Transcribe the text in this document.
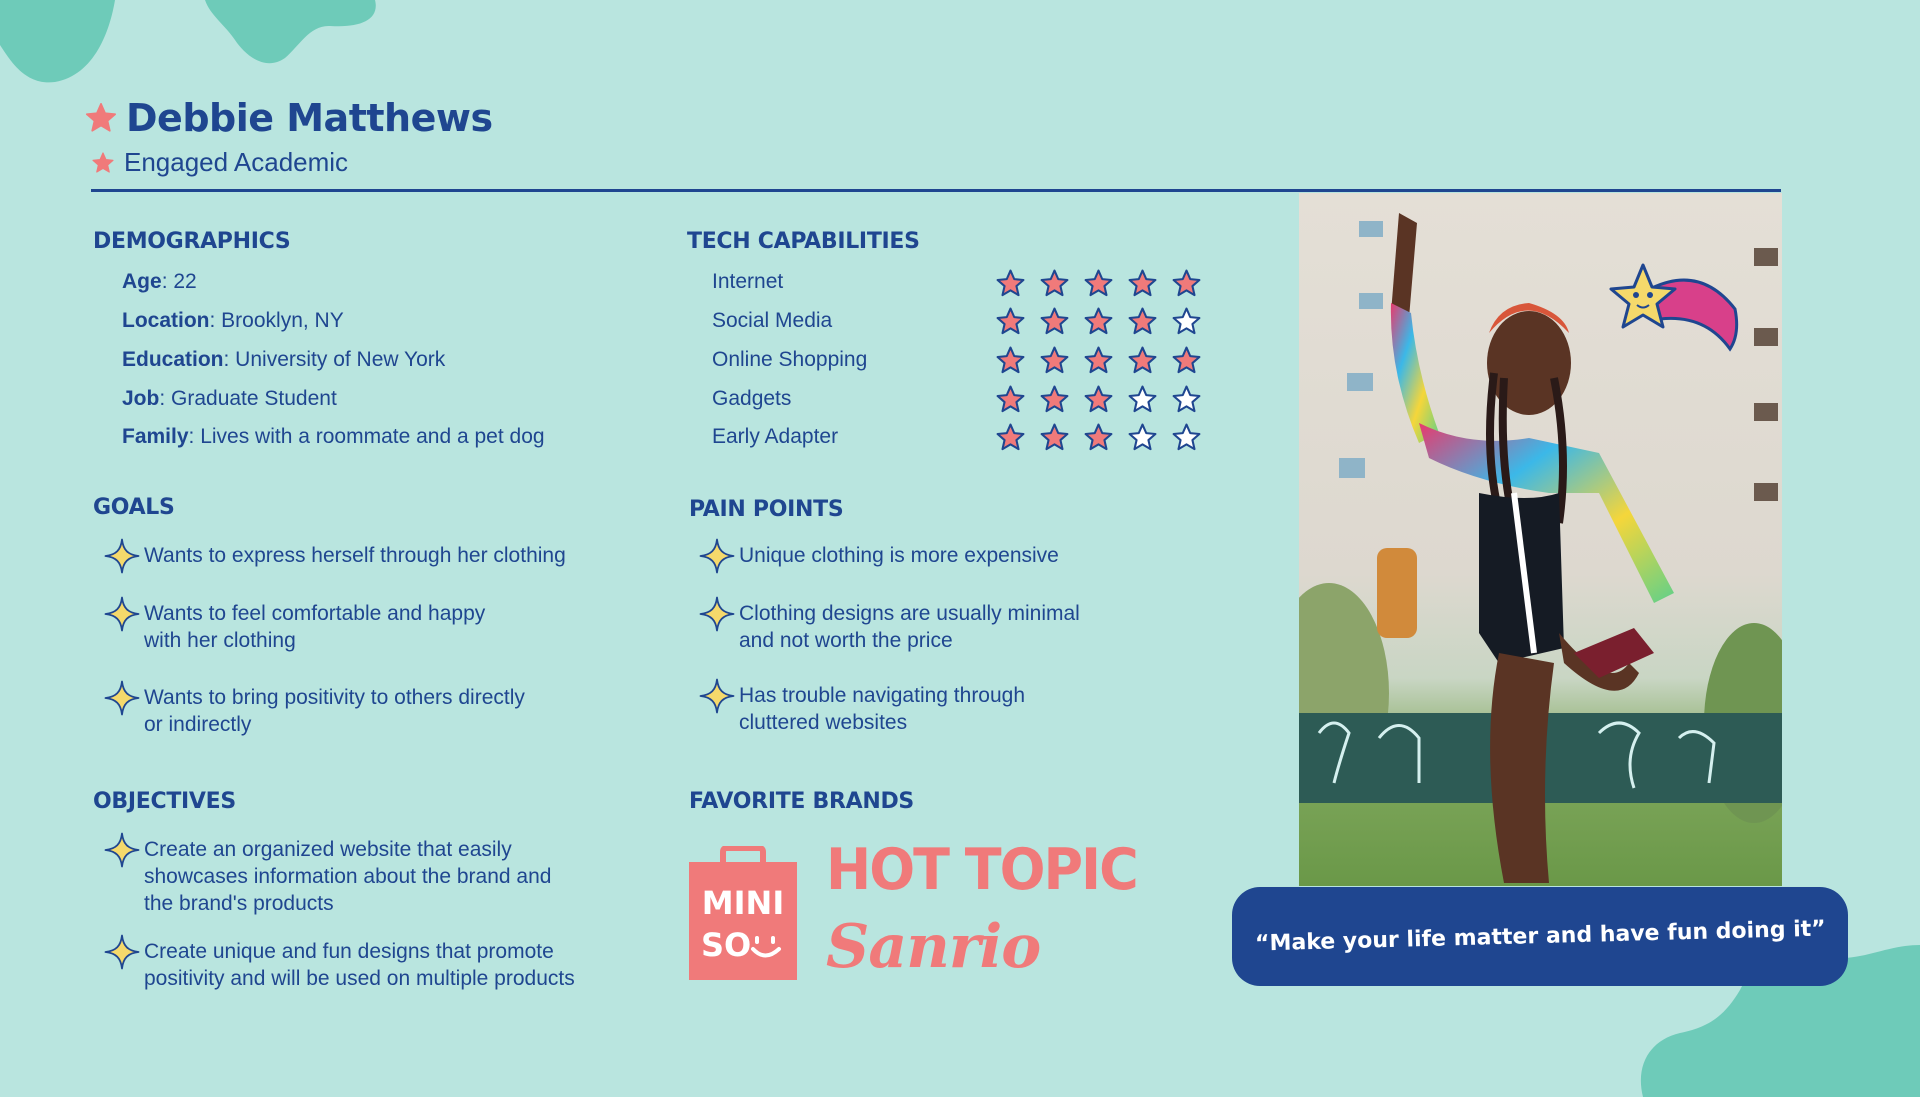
Debbie Matthews
Engaged Academic
DEMOGRAPHICS
Age: 22
Location: Brooklyn, NY
Education: University of New York
Job: Graduate Student
Family: Lives with a roommate and a pet dog
TECH CAPABILITIES
Internet
Social Media
Online Shopping
Gadgets
Early Adapter
GOALS
Wants to express herself through her clothing
Wants to feel comfortable and happy
with her clothing
Wants to bring positivity to others directly
or indirectly
PAIN POINTS
Unique clothing is more expensive
Clothing designs are usually minimal
and not worth the price
Has trouble navigating through
cluttered websites
OBJECTIVES
Create an organized website that easily
showcases information about the brand and
the brand's products
Create unique and fun designs that promote
positivity and will be used on multiple products
FAVORITE BRANDS
MINI
SO
HOT TOPIC
Sanrio	“Make your life matter and have fun doing it”
